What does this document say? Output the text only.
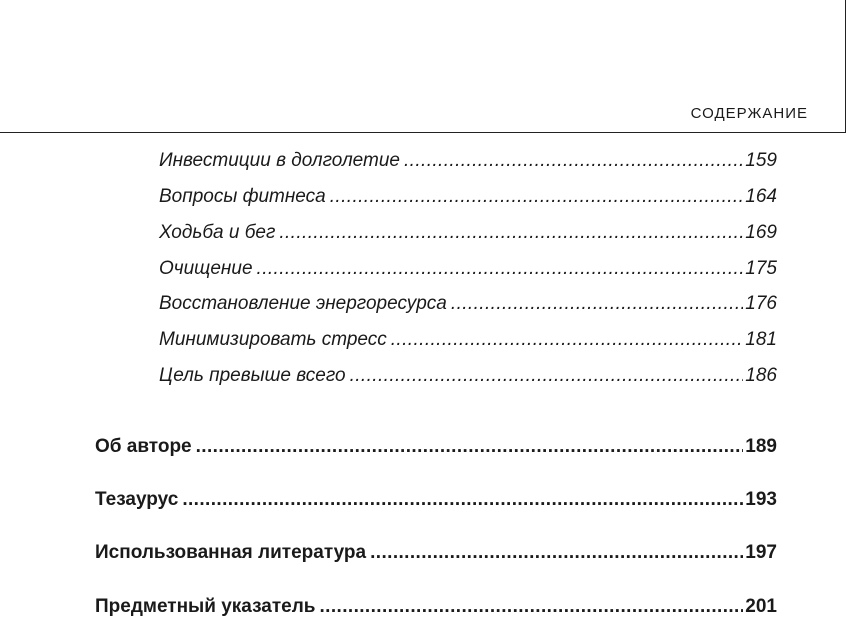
СОДЕРЖАНИЕ
Инвестиции в долголетие .....	159
Вопросы фитнеса .....	164
Ходьба и бег .....	169
Очищение .....	175
Восстановление энергоресурса .....	176
Минимизировать стресс .....	181
Цель превыше всего .....	186
Об авторе .....	189
Тезаурус .....	193
Использованная литература .....	197
Предметный указатель .....	201
